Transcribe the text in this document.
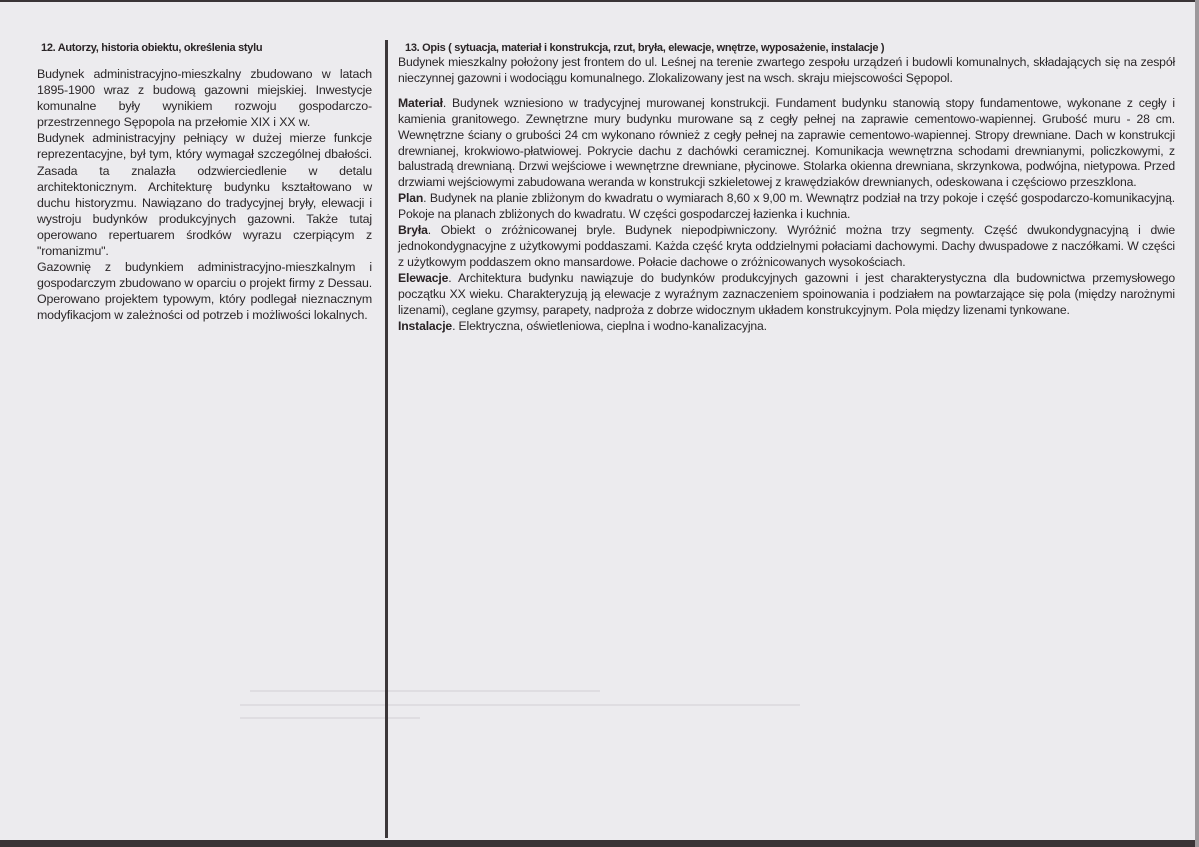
12. Autorzy, historia obiektu, określenia stylu

Budynek administracyjno-mieszkalny zbudowano w latach 1895-1900 wraz z budową gazowni miejskiej. Inwestycje komunalne były wynikiem rozwoju gospodarczo-przestrzennego Sępopola na przełomie XIX i XX w.

Budynek administracyjny pełniący w dużej mierze funkcje reprezentacyjne, był tym, który wymagał szczególnej dbałości. Zasada ta znalazła odzwierciedlenie w detalu architektonicznym. Architekturę budynku kształtowano w duchu historyzmu. Nawiązano do tradycyjnej bryły, elewacji i wystroju budynków produkcyjnych gazowni. Także tutaj operowano repertuarem środków wyrazu czerpiącym z "romanizmu".

Gazownię z budynkiem administracyjno-mieszkalnym i gospodarczym zbudowano w oparciu o projekt firmy z Dessau. Operowano projektem typowym, który podlegał nieznacznym modyfikacjom w zależności od potrzeb i możliwości lokalnych.

13. Opis ( sytuacja, materiał i konstrukcja, rzut, bryła, elewacje, wnętrze, wyposażenie, instalacje )

Budynek mieszkalny położony jest frontem do ul. Leśnej na terenie zwartego zespołu urządzeń i budowli komunalnych, składających się na zespół nieczynnej gazowni i wodociągu komunalnego. Zlokalizowany jest na wsch. skraju miejscowości Sępopol.

Materiał. Budynek wzniesiono w tradycyjnej murowanej konstrukcji. Fundament budynku stanowią stopy fundamentowe, wykonane z cegły i kamienia granitowego. Zewnętrzne mury budynku murowane są z cegły pełnej na zaprawie cementowo-wapiennej. Grubość muru - 28 cm. Wewnętrzne ściany o grubości 24 cm wykonano również z cegły pełnej na zaprawie cementowo-wapiennej. Stropy drewniane. Dach w konstrukcji drewnianej, krokwiowo-płatwiowej. Pokrycie dachu z dachówki ceramicznej. Komunikacja wewnętrzna schodami drewnianymi, policzkowymi, z balustradą drewnianą. Drzwi wejściowe i wewnętrzne drewniane, płycinowe. Stolarka okienna drewniana, skrzynkowa, podwójna, nietypowa. Przed drzwiami wejściowymi zabudowana weranda w konstrukcji szkieletowej z krawędziaków drewnianych, odeskowana i częściowo przeszklona.

Plan. Budynek na planie zbliżonym do kwadratu o wymiarach 8,60 x 9,00 m. Wewnątrz podział na trzy pokoje i część gospodarczo-komunikacyjną. Pokoje na planach zbliżonych do kwadratu. W części gospodarczej łazienka i kuchnia.

Bryła. Obiekt o zróżnicowanej bryle. Budynek niepodpiwniczony. Wyróżnić można trzy segmenty. Część dwukondygnacyjną i dwie jednokondygnacyjne z użytkowymi poddaszami. Każda część kryta oddzielnymi połaciami dachowymi. Dachy dwuspadowe z naczółkami. W części z użytkowym poddaszem okno mansardowe. Połacie dachowe o zróżnicowanych wysokościach.

Elewacje. Architektura budynku nawiązuje do budynków produkcyjnych gazowni i jest charakterystyczna dla budownictwa przemysłowego początku XX wieku. Charakteryzują ją elewacje z wyraźnym zaznaczeniem spoinowania i podziałem na powtarzające się pola (między narożnymi lizenami), ceglane gzymsy, parapety, nadproża z dobrze widocznym układem konstrukcyjnym. Pola między lizenami tynkowane.

Instalacje. Elektryczna, oświetleniowa, cieplna i wodno-kanalizacyjna.
